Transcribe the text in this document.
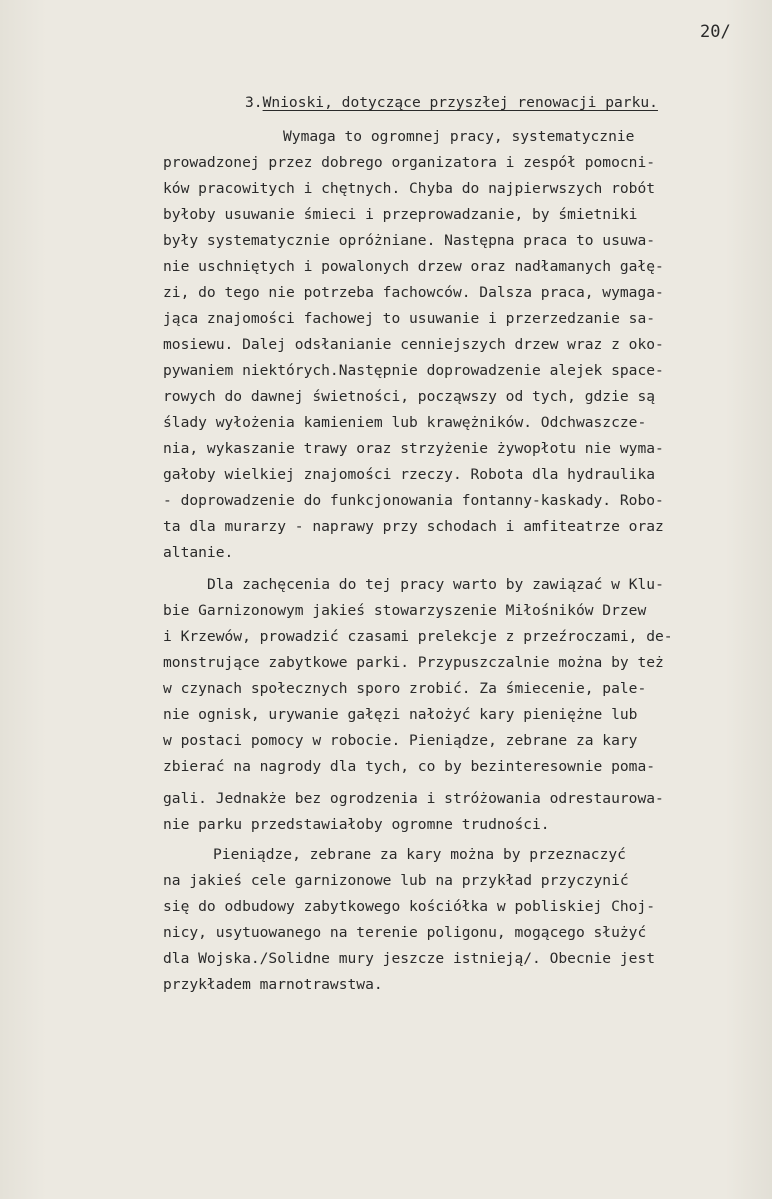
20/
3.Wnioski, dotyczące przyszłej renowacji parku.
Wymaga to ogromnej pracy, systematycznie
prowadzonej przez dobrego organizatora i zespół pomocni-
ków pracowitych i chętnych. Chyba do najpierwszych robót
byłoby usuwanie śmieci i przeprowadzanie, by śmietniki
były systematycznie opróżniane. Następna praca to usuwa-
nie uschniętych i powalonych drzew oraz nadłamanych gałę-
zi, do tego nie potrzeba fachowców. Dalsza praca, wymaga-
jąca znajomości fachowej to usuwanie i przerzedzanie sa-
mosiewu. Dalej odsłanianie cenniejszych drzew wraz z oko-
pywaniem niektórych.Następnie doprowadzenie alejek space-
rowych do dawnej świetności, począwszy od tych, gdzie są
ślady wyłożenia kamieniem lub krawężników. Odchwaszcze-
nia, wykaszanie trawy oraz strzyżenie żywopłotu nie wyma-
gałoby wielkiej znajomości rzeczy. Robota dla hydraulika
- doprowadzenie do funkcjonowania fontanny-kaskady. Robo-
ta dla murarzy - naprawy przy schodach i amfiteatrze oraz
altanie.
Dla zachęcenia do tej pracy warto by zawiązać w Klu-
bie Garnizonowym jakieś stowarzyszenie Miłośników Drzew
i Krzewów, prowadzić czasami prelekcje z przeźroczami, de-
monstrujące zabytkowe parki. Przypuszczalnie można by też
w czynach społecznych sporo zrobić. Za śmiecenie, pale-
nie ognisk, urywanie gałęzi nałożyć kary pieniężne lub
w postaci pomocy w robocie. Pieniądze, zebrane za kary
zbierać na nagrody dla tych, co by bezinteresownie poma-
gali. Jednakże bez ogrodzenia i stróżowania odrestaurowa-
nie parku przedstawiałoby ogromne trudności.
Pieniądze, zebrane za kary można by przeznaczyć
na jakieś cele garnizonowe lub na przykład przyczynić
się do odbudowy zabytkowego kościółka w pobliskiej Choj-
nicy, usytuowanego na terenie poligonu, mogącego służyć
dla Wojska./Solidne mury jeszcze istnieją/. Obecnie jest
przykładem marnotrawstwa.
